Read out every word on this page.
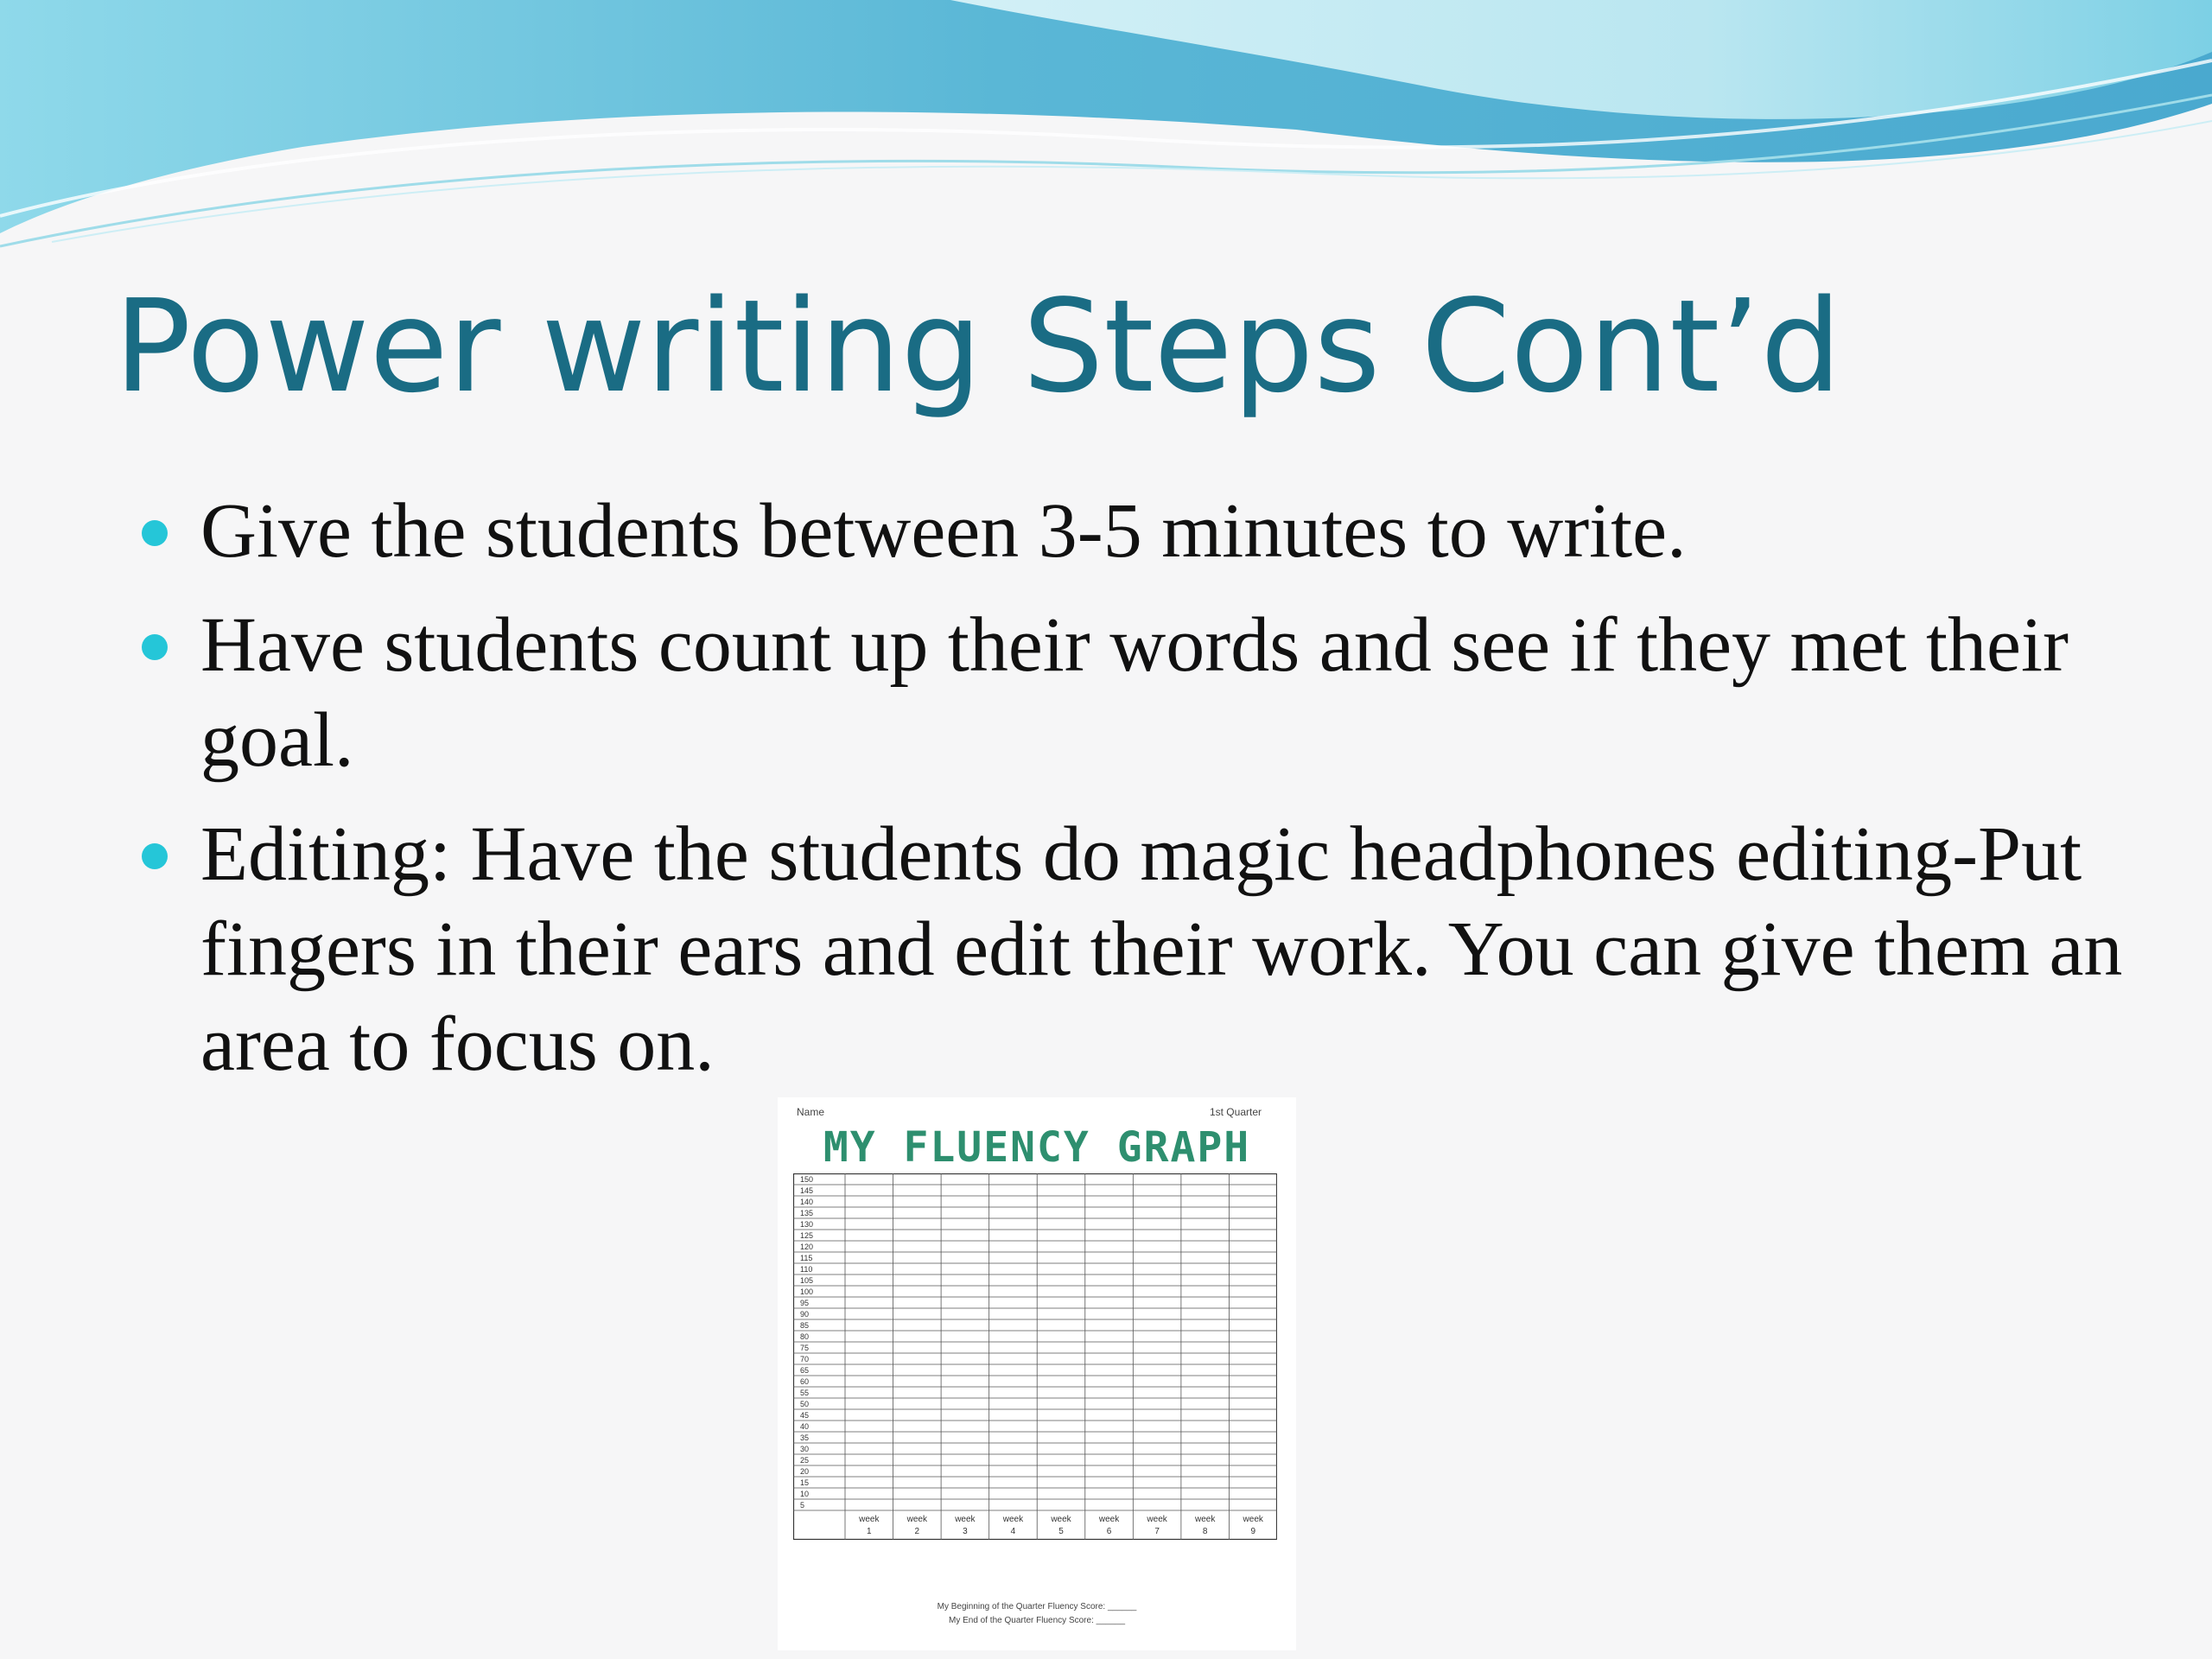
Power writing Steps Cont’d
Give the students between 3-5 minutes to write.
Have students count up their words and see if they met their goal.
Editing: Have the students do magic headphones editing-Put fingers in their ears and edit their work. You can give them an area to focus on.
Name	1st Quarter
MY FLUENCY GRAPH
150
145
140
135
130
125
120
115
110
105
100
95
90
85
80
75
70
65
60
55
50
45
40
35
30
25
20
15
10
5
week
1
week
2
week
3
week
4
week
5
week
6
week
7
week
8
week
9
My Beginning of the Quarter Fluency Score: ______
My End of the Quarter Fluency Score: ______
